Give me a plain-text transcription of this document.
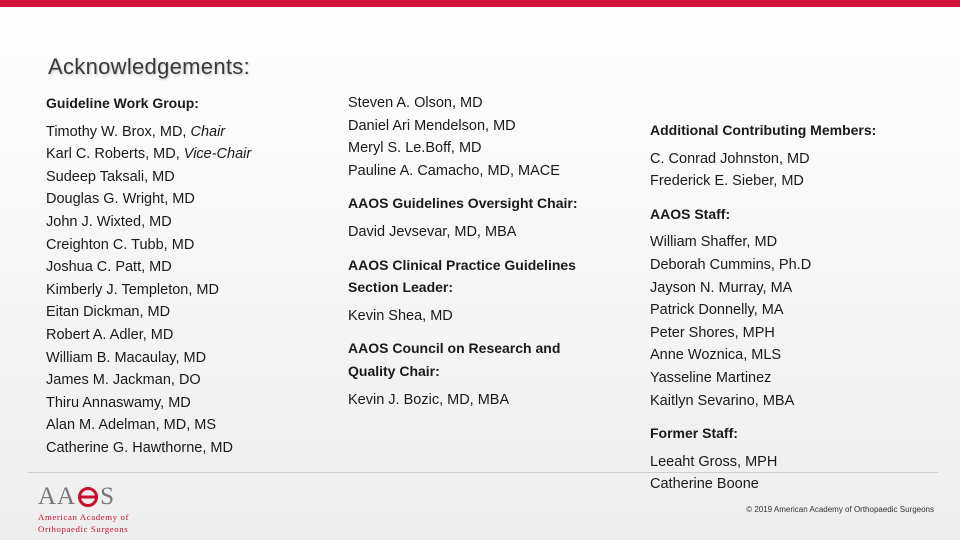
Acknowledgements:

Guideline Work Group:

Timothy W. Brox, MD, Chair

Karl C. Roberts, MD, Vice-Chair

Sudeep Taksali, MD

Douglas G. Wright, MD

John J. Wixted, MD

Creighton C. Tubb, MD

Joshua C. Patt, MD

Kimberly J. Templeton, MD

Eitan Dickman, MD

Robert A. Adler, MD

William B. Macaulay, MD

James M. Jackman, DO

Thiru Annaswamy, MD

Alan M. Adelman, MD, MS

Catherine G. Hawthorne, MD

Steven A. Olson, MD

Daniel Ari Mendelson, MD

Meryl S. Le.Boff, MD

Pauline A. Camacho, MD, MACE

AAOS Guidelines Oversight Chair:

David Jevsevar, MD, MBA

AAOS Clinical Practice Guidelines

Section Leader:

Kevin Shea, MD

AAOS Council on Research and

Quality Chair:

Kevin J. Bozic, MD, MBA

Additional Contributing Members:

C. Conrad Johnston, MD

Frederick E. Sieber, MD

AAOS Staff:

William Shaffer, MD

Deborah Cummins, Ph.D

Jayson N. Murray, MA

Patrick Donnelly, MA

Peter Shores, MPH

Anne Woznica, MLS

Yasseline Martinez

Kaitlyn Sevarino, MBA

Former Staff:

Leeaht Gross, MPH

Catherine Boone

AA S
American Academy of
Orthopaedic Surgeons
© 2019 American Academy of Orthopaedic Surgeons
